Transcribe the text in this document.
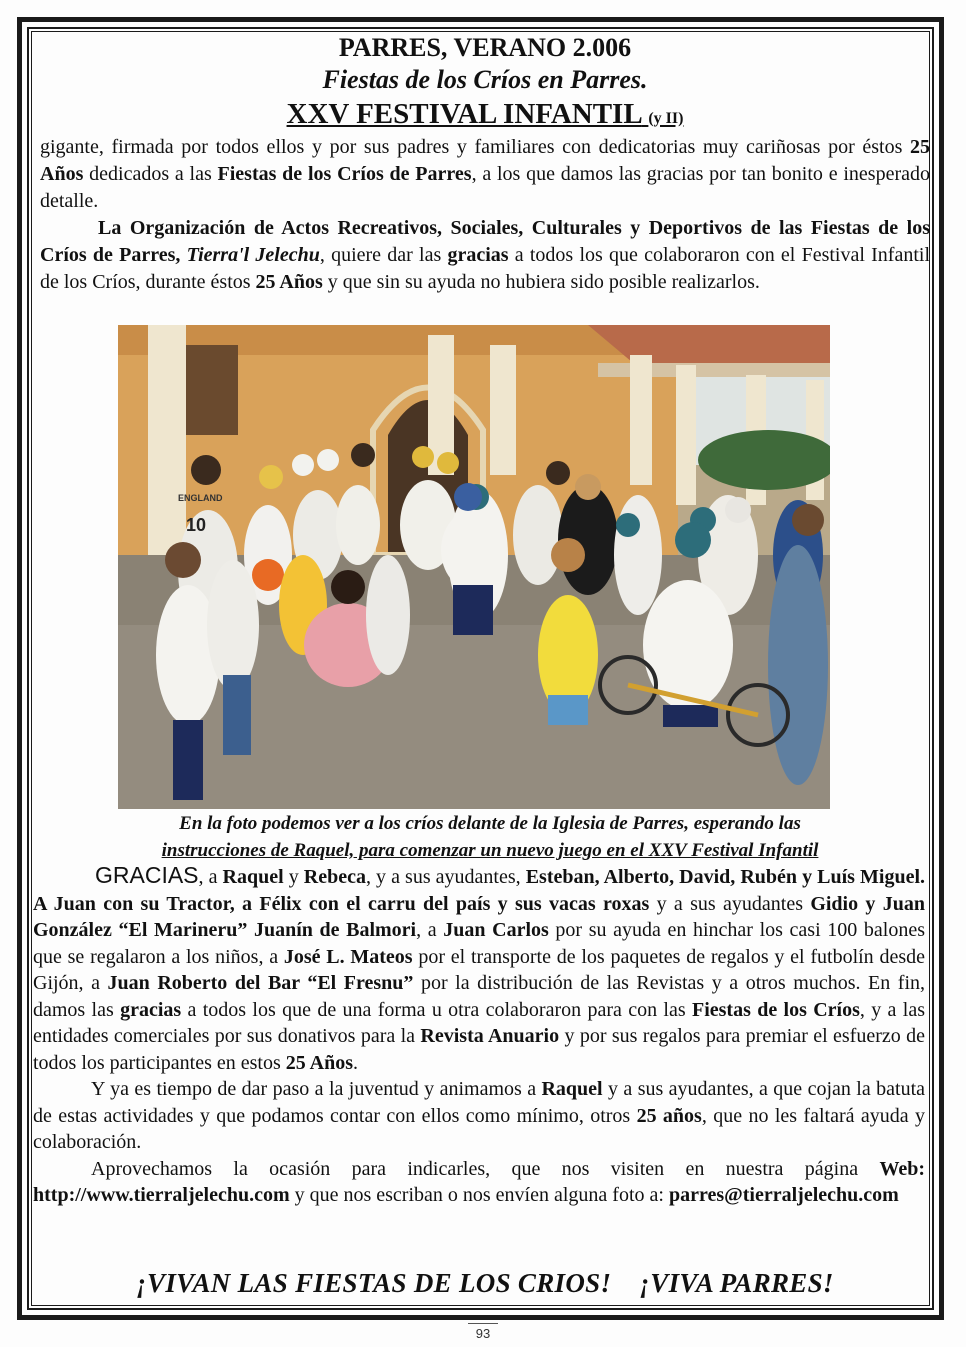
PARRES, VERANO 2.006
Fiestas de los Críos en Parres.
XXV FESTIVAL INFANTIL (y II)

gigante, firmada por todos ellos y por sus padres y familiares con dedicatorias muy cariñosas por éstos 25 Años dedicados a las Fiestas de los Críos de Parres, a los que damos las gracias por tan bonito e inesperado detalle.

La Organización de Actos Recreativos, Sociales, Culturales y Deportivos de las Fiestas de los Críos de Parres, Tierra'l Jelechu, quiere dar las gracias a todos los que colaboraron con el Festival Infantil de los Críos, durante éstos 25 Años y que sin su ayuda no hubiera sido posible realizarlos.

ENGLAND
10
En la foto podemos ver a los críos delante de la Iglesia de Parres, esperando las
instrucciones de Raquel, para comenzar un nuevo juego en el XXV Festival Infantil

GRACIAS, a Raquel y Rebeca, y a sus ayudantes, Esteban, Alberto, David, Rubén y Luís Miguel. A Juan con su Tractor, a Félix con el carru del país y sus vacas roxas y a sus ayudantes Gidio y Juan González “El Marineru” Juanín de Balmori, a Juan Carlos por su ayuda en hinchar los casi 100 balones que se regalaron a los niños, a José L. Mateos por el transporte de los paquetes de regalos y el futbolín desde Gijón, a Juan Roberto del Bar “El Fresnu” por la distribución de las Revistas y a otros muchos. En fin, damos las gracias a todos los que de una forma u otra colaboraron para con las Fiestas de los Críos, y a las entidades comerciales por sus donativos para la Revista Anuario y por sus regalos para premiar el esfuerzo de todos los participantes en estos 25 Años.

Y ya es tiempo de dar paso a la juventud y animamos a Raquel y a sus ayudantes, a que cojan la batuta de estas actividades y que podamos contar con ellos como mínimo, otros 25 años, que no les faltará ayuda y colaboración.

Aprovechamos la ocasión para indicarles, que nos visiten en nuestra página Web: http://www.tierraljelechu.com y que nos escriban o nos envíen alguna foto a: parres@tierraljelechu.com

¡VIVAN LAS FIESTAS DE LOS CRIOS! ¡VIVA PARRES!
93
